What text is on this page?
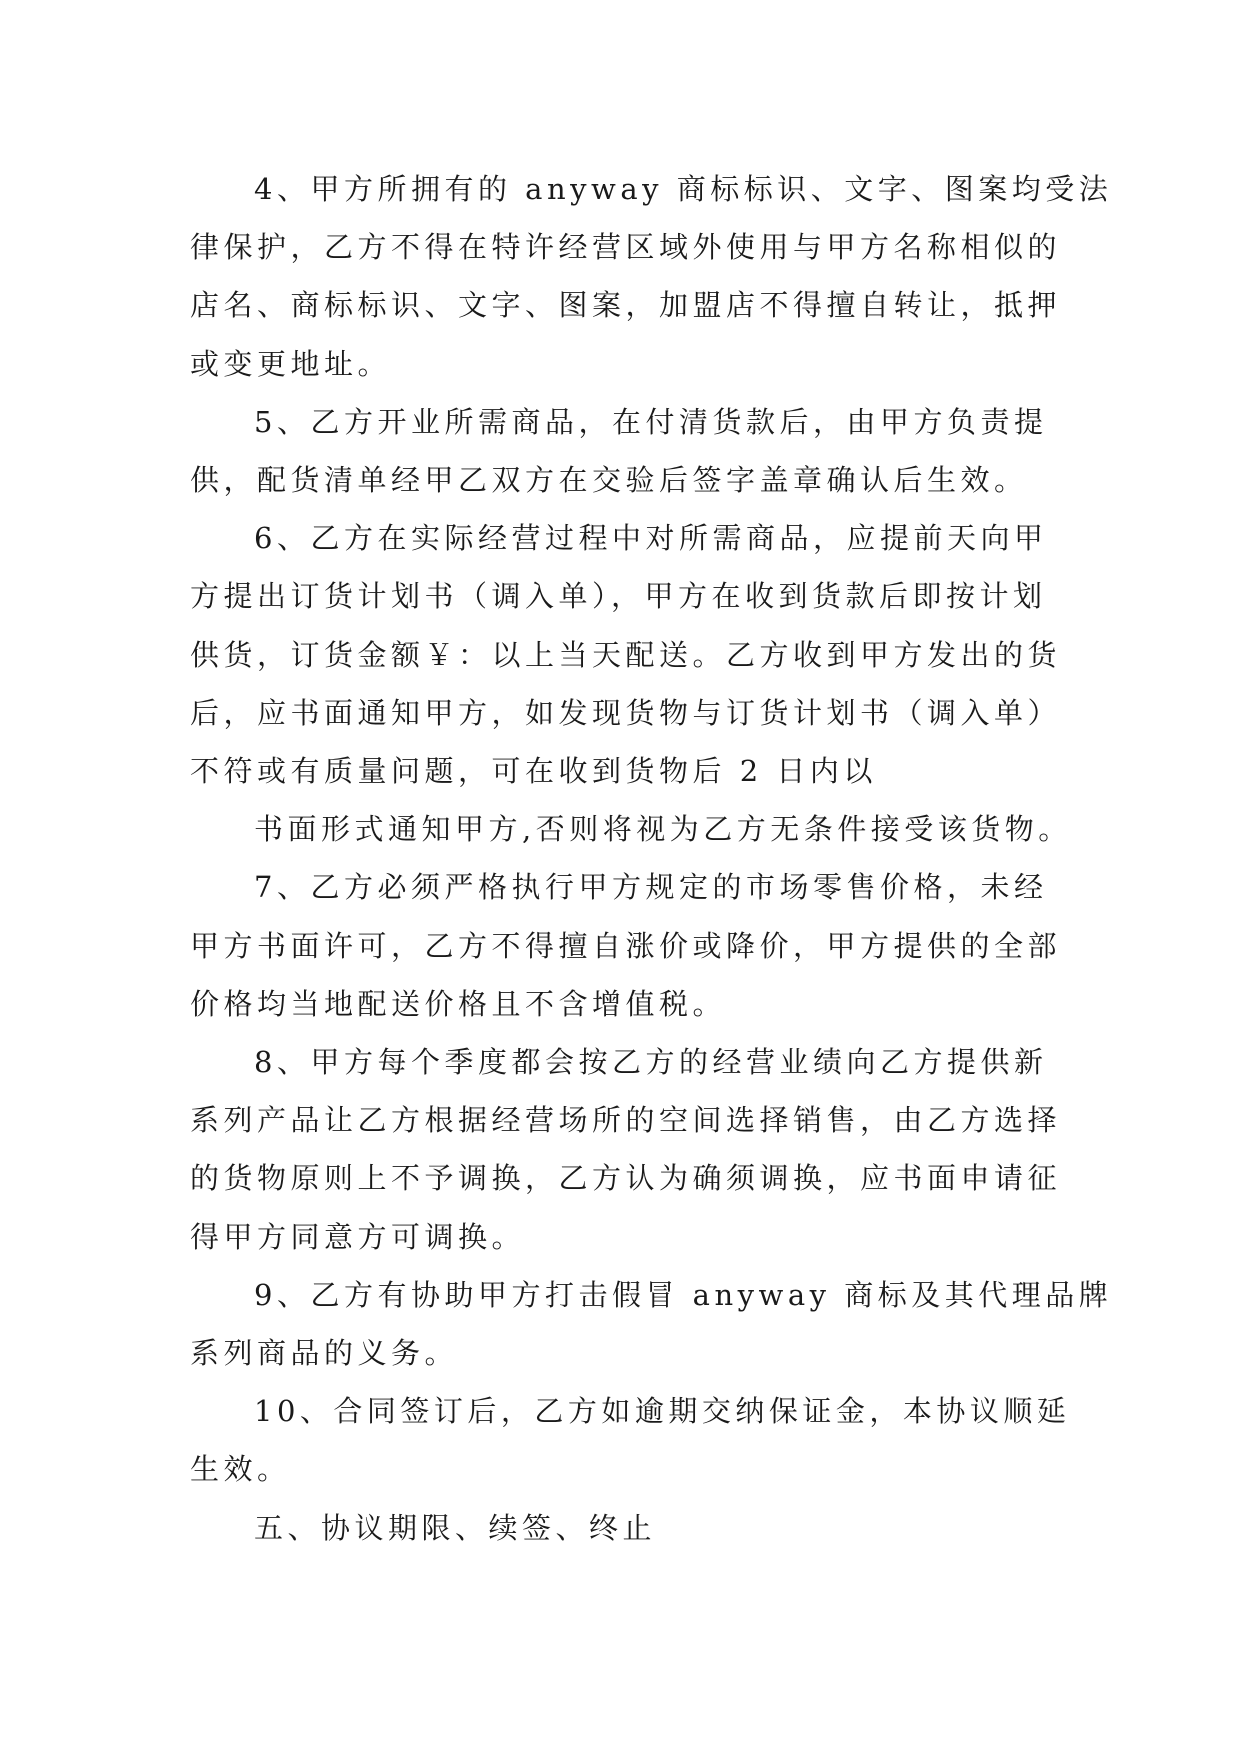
4、甲方所拥有的 anyway 商标标识、文字、图案均受法

律保护，乙方不得在特许经营区域外使用与甲方名称相似的

店名、商标标识、文字、图案，加盟店不得擅自转让，抵押

或变更地址。

5、乙方开业所需商品，在付清货款后，由甲方负责提

供，配货清单经甲乙双方在交验后签字盖章确认后生效。

6、乙方在实际经营过程中对所需商品，应提前天向甲

方提出订货计划书（调入单），甲方在收到货款后即按计划

供货，订货金额￥：以上当天配送。乙方收到甲方发出的货

后，应书面通知甲方，如发现货物与订货计划书（调入单）

不符或有质量问题，可在收到货物后 2 日内以

书面形式通知甲方,否则将视为乙方无条件接受该货物。

7、乙方必须严格执行甲方规定的市场零售价格，未经

甲方书面许可，乙方不得擅自涨价或降价，甲方提供的全部

价格均当地配送价格且不含增值税。

8、甲方每个季度都会按乙方的经营业绩向乙方提供新

系列产品让乙方根据经营场所的空间选择销售，由乙方选择

的货物原则上不予调换，乙方认为确须调换，应书面申请征

得甲方同意方可调换。

9、乙方有协助甲方打击假冒 anyway 商标及其代理品牌

系列商品的义务。

10、合同签订后，乙方如逾期交纳保证金，本协议顺延

生效。

五、协议期限、续签、终止
